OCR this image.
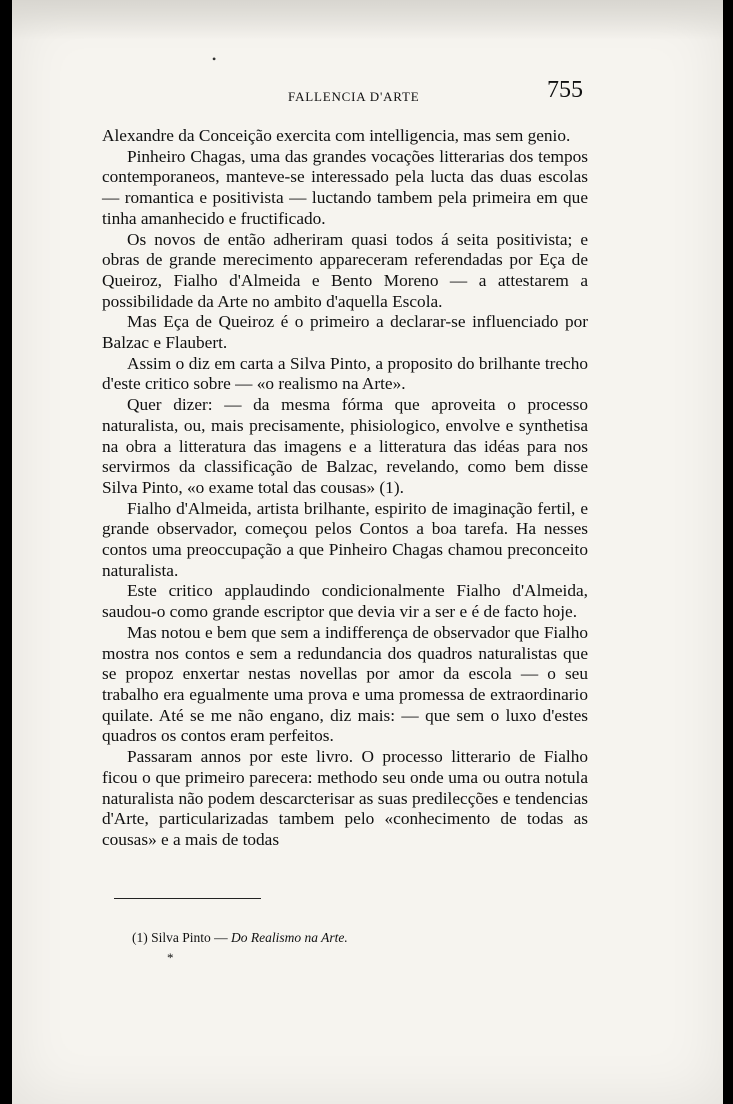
•
FALLENCIA D'ARTE	755

Alexandre da Conceição exercita com intelligencia, mas sem genio.

Pinheiro Chagas, uma das grandes vocações litterarias dos tempos contemporaneos, manteve-se interessado pela lucta das duas escolas — romantica e positivista — luctando tambem pela primeira em que tinha amanhecido e fructificado.

Os novos de então adheriram quasi todos á seita positivista; e obras de grande merecimento appareceram referendadas por Eça de Queiroz, Fialho d'Almeida e Bento Moreno — a attestarem a possibilidade da Arte no ambito d'aquella Escola.

Mas Eça de Queiroz é o primeiro a declarar-se influenciado por Balzac e Flaubert.

Assim o diz em carta a Silva Pinto, a proposito do brilhante trecho d'este critico sobre — «o realismo na Arte».

Quer dizer: — da mesma fórma que aproveita o processo naturalista, ou, mais precisamente, phisiologico, envolve e synthetisa na obra a litteratura das imagens e a litteratura das idéas para nos servirmos da classificação de Balzac, revelando, como bem disse Silva Pinto, «o exame total das cousas» (1).

Fialho d'Almeida, artista brilhante, espirito de imaginação fertil, e grande observador, começou pelos Contos a boa tarefa. Ha nesses contos uma preoccupação a que Pinheiro Chagas chamou preconceito naturalista.

Este critico applaudindo condicionalmente Fialho d'Almeida, saudou-o como grande escriptor que devia vir a ser e é de facto hoje.

Mas notou e bem que sem a indifferença de observador que Fialho mostra nos contos e sem a redundancia dos quadros naturalistas que se propoz enxertar nestas novellas por amor da escola — o seu trabalho era egualmente uma prova e uma promessa de extraordinario quilate. Até se me não engano, diz mais: — que sem o luxo d'estes quadros os contos eram perfeitos.

Passaram annos por este livro. O processo litterario de Fialho ficou o que primeiro parecera: methodo seu onde uma ou outra notula naturalista não podem descarcterisar as suas predilecções e tendencias d'Arte, particularizadas tambem pelo «conhecimento de todas as cousas» e a mais de todas

(1) Silva Pinto — Do Realismo na Arte.
*
